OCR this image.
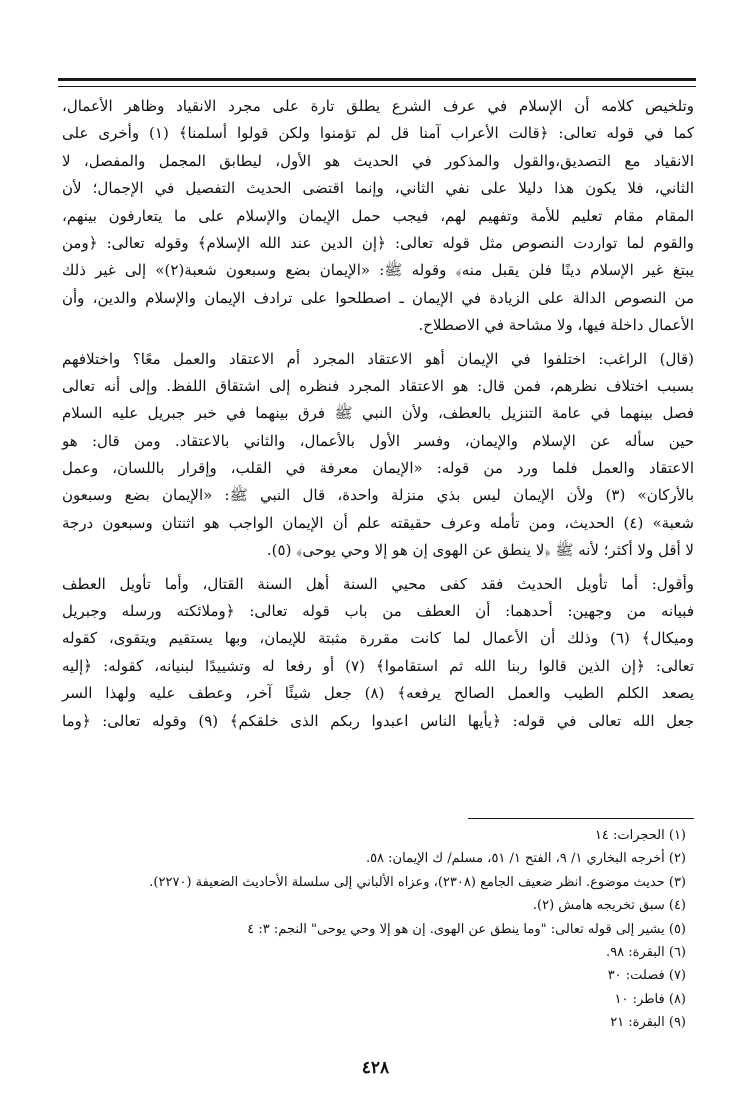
وتلخيص كلامه أن الإسلام في عرف الشرع يطلق تارة على مجرد الانقياد وظاهر الأعمال،
كما في قوله تعالى: ﴿قالت الأعراب آمنا قل لم تؤمنوا ولكن قولوا أسلمنا﴾ (١) وأخرى على
الانقياد مع التصديق،والقول والمذكور في الحديث هو الأول، ليطابق المجمل والمفصل، لا
الثاني، فلا يكون هذا دليلا على نفي الثاني، وإنما اقتضى الحديث التفصيل في الإجمال؛ لأن
المقام مقام تعليم للأمة وتفهيم لهم، فيجب حمل الإيمان والإسلام على ما يتعارفون بينهم،
والقوم لما تواردت النصوص مثل قوله تعالى: ﴿إن الدين عند الله الإسلام﴾ وقوله تعالى: ﴿ومن
يبتغ غير الإسلام دينًا فلن يقبل منه﴾ وقوله ﷺ: «الإيمان بضع وسبعون شعبة(٢)» إلى غير ذلك
من النصوص الدالة على الزيادة في الإيمان ـ اصطلحوا على ترادف الإيمان والإسلام والدين، وأن
الأعمال داخلة فيها، ولا مشاحة في الاصطلاح.
(قال) الراغب: اختلفوا في الإيمان أهو الاعتقاد المجرد أم الاعتقاد والعمل معًا؟ واختلافهم
بسبب اختلاف نظرهم، فمن قال: هو الاعتقاد المجرد فنظره إلى اشتقاق اللفظ. وإلى أنه تعالى
فصل بينهما في عامة التنزيل بالعطف، ولأن النبي ﷺ فرق بينهما في خبر جبريل عليه السلام
حين سأله عن الإسلام والإيمان، وفسر الأول بالأعمال، والثاني بالاعتقاد. ومن قال: هو
الاعتقاد والعمل فلما ورد من قوله: «الإيمان معرفة في القلب، وإقرار باللسان، وعمل
بالأركان» (٣) ولأن الإيمان ليس بذي منزلة واحدة، قال النبي ﷺ: «الإيمان بضع وسبعون
شعبة» (٤) الحديث، ومن تأمله وعرف حقيقته علم أن الإيمان الواجب هو اثنتان وسبعون درجة
لا أقل ولا أكثر؛ لأنه ﷺ ﴿لا ينطق عن الهوى إن هو إلا وحي يوحى﴾ (٥).
وأقول: أما تأويل الحديث فقد كفى محيي السنة أهل السنة القتال، وأما تأويل العطف
فبيانه من وجهين: أحدهما: أن العطف من باب قوله تعالى: ﴿وملائكته ورسله وجبريل
وميكال﴾ (٦) وذلك أن الأعمال لما كانت مقررة مثبتة للإيمان، وبها يستقيم ويتقوى، كقوله
تعالى: ﴿إن الذين قالوا ربنا الله ثم استقاموا﴾ (٧) أو رفعا له وتشييدًا لبنيانه، كقوله: ﴿إليه
يصعد الكلم الطيب والعمل الصالح يرفعه﴾ (٨) جعل شيئًا آخر، وعطف عليه ولهذا السر
جعل الله تعالى في قوله: ﴿يأيها الناس اعبدوا ربكم الذى خلقكم﴾ (٩) وقوله تعالى: ﴿وما
(١) الحجرات: ١٤
(٢) أخرجه البخاري ١/ ٩، الفتح ١/ ٥١، مسلم/ ك الإيمان: ٥٨.
(٣) حديث موضوع. انظر ضعيف الجامع (٢٣٠٨)، وعزاه الألباني إلى سلسلة الأحاديث الضعيفة (٢٢٧٠).
(٤) سبق تخريجه هامش (٢).
(٥) يشير إلى قوله تعالى: "وما ينطق عن الهوى. إن هو إلا وحي يوحى" النجم: ٣: ٤
(٦) البقرة: ٩٨.
(٧) فصلت: ٣٠
(٨) فاطر: ١٠
(٩) البقرة: ٢١
٤٢٨
